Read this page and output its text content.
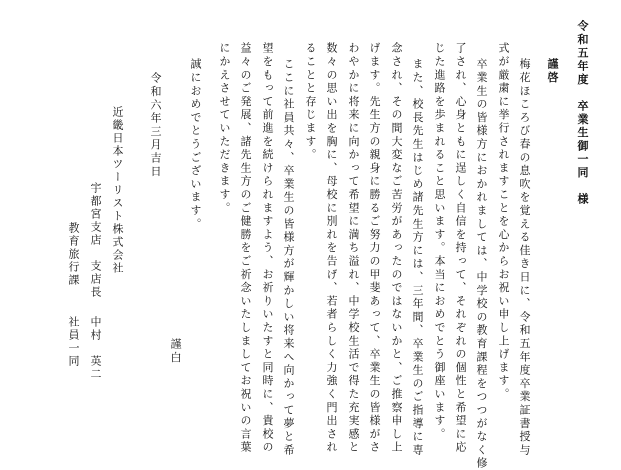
令和五年度　卒業生御一同　様
謹啓
梅花ほころび春の息吹を覚える佳き日に、令和五年度卒業証書授与
式が厳粛に挙行されますことを心からお祝い申し上げます。
卒業生の皆様方におかれましては、中学校の教育課程をつつがなく修
了され、心身ともに逞しく自信を持って、それぞれの個性と希望に応
じた進路を歩まれること思います。本当におめでとう御座います。
また、校長先生はじめ諸先生方には、三年間、卒業生のご指導に専
念され、その間大変なご苦労があったのではないかと、ご推察申し上
げます。先生方の親身に勝るご努力の甲斐あって、卒業生の皆様がさ
わやかに将来に向かって希望に満ち溢れ、中学校生活で得た充実感と
数々の思い出を胸に、母校に別れを告げ、若者らしく力強く門出され
ることと存じます。
ここに社員共々、卒業生の皆様方が輝かしい将来へ向かって夢と希
望をもって前進を続けられますよう、お祈りいたすと同時に、貴校の
益々のご発展、諸先生方のご健勝をご祈念いたしましてお祝いの言葉
にかえさせていただきます。
誠におめでとうございます。
令和六年三月吉日
謹白
近畿日本ツーリスト株式会社
宇都宮支店　支店長
中村　英二
教育旅行課
社員一同
